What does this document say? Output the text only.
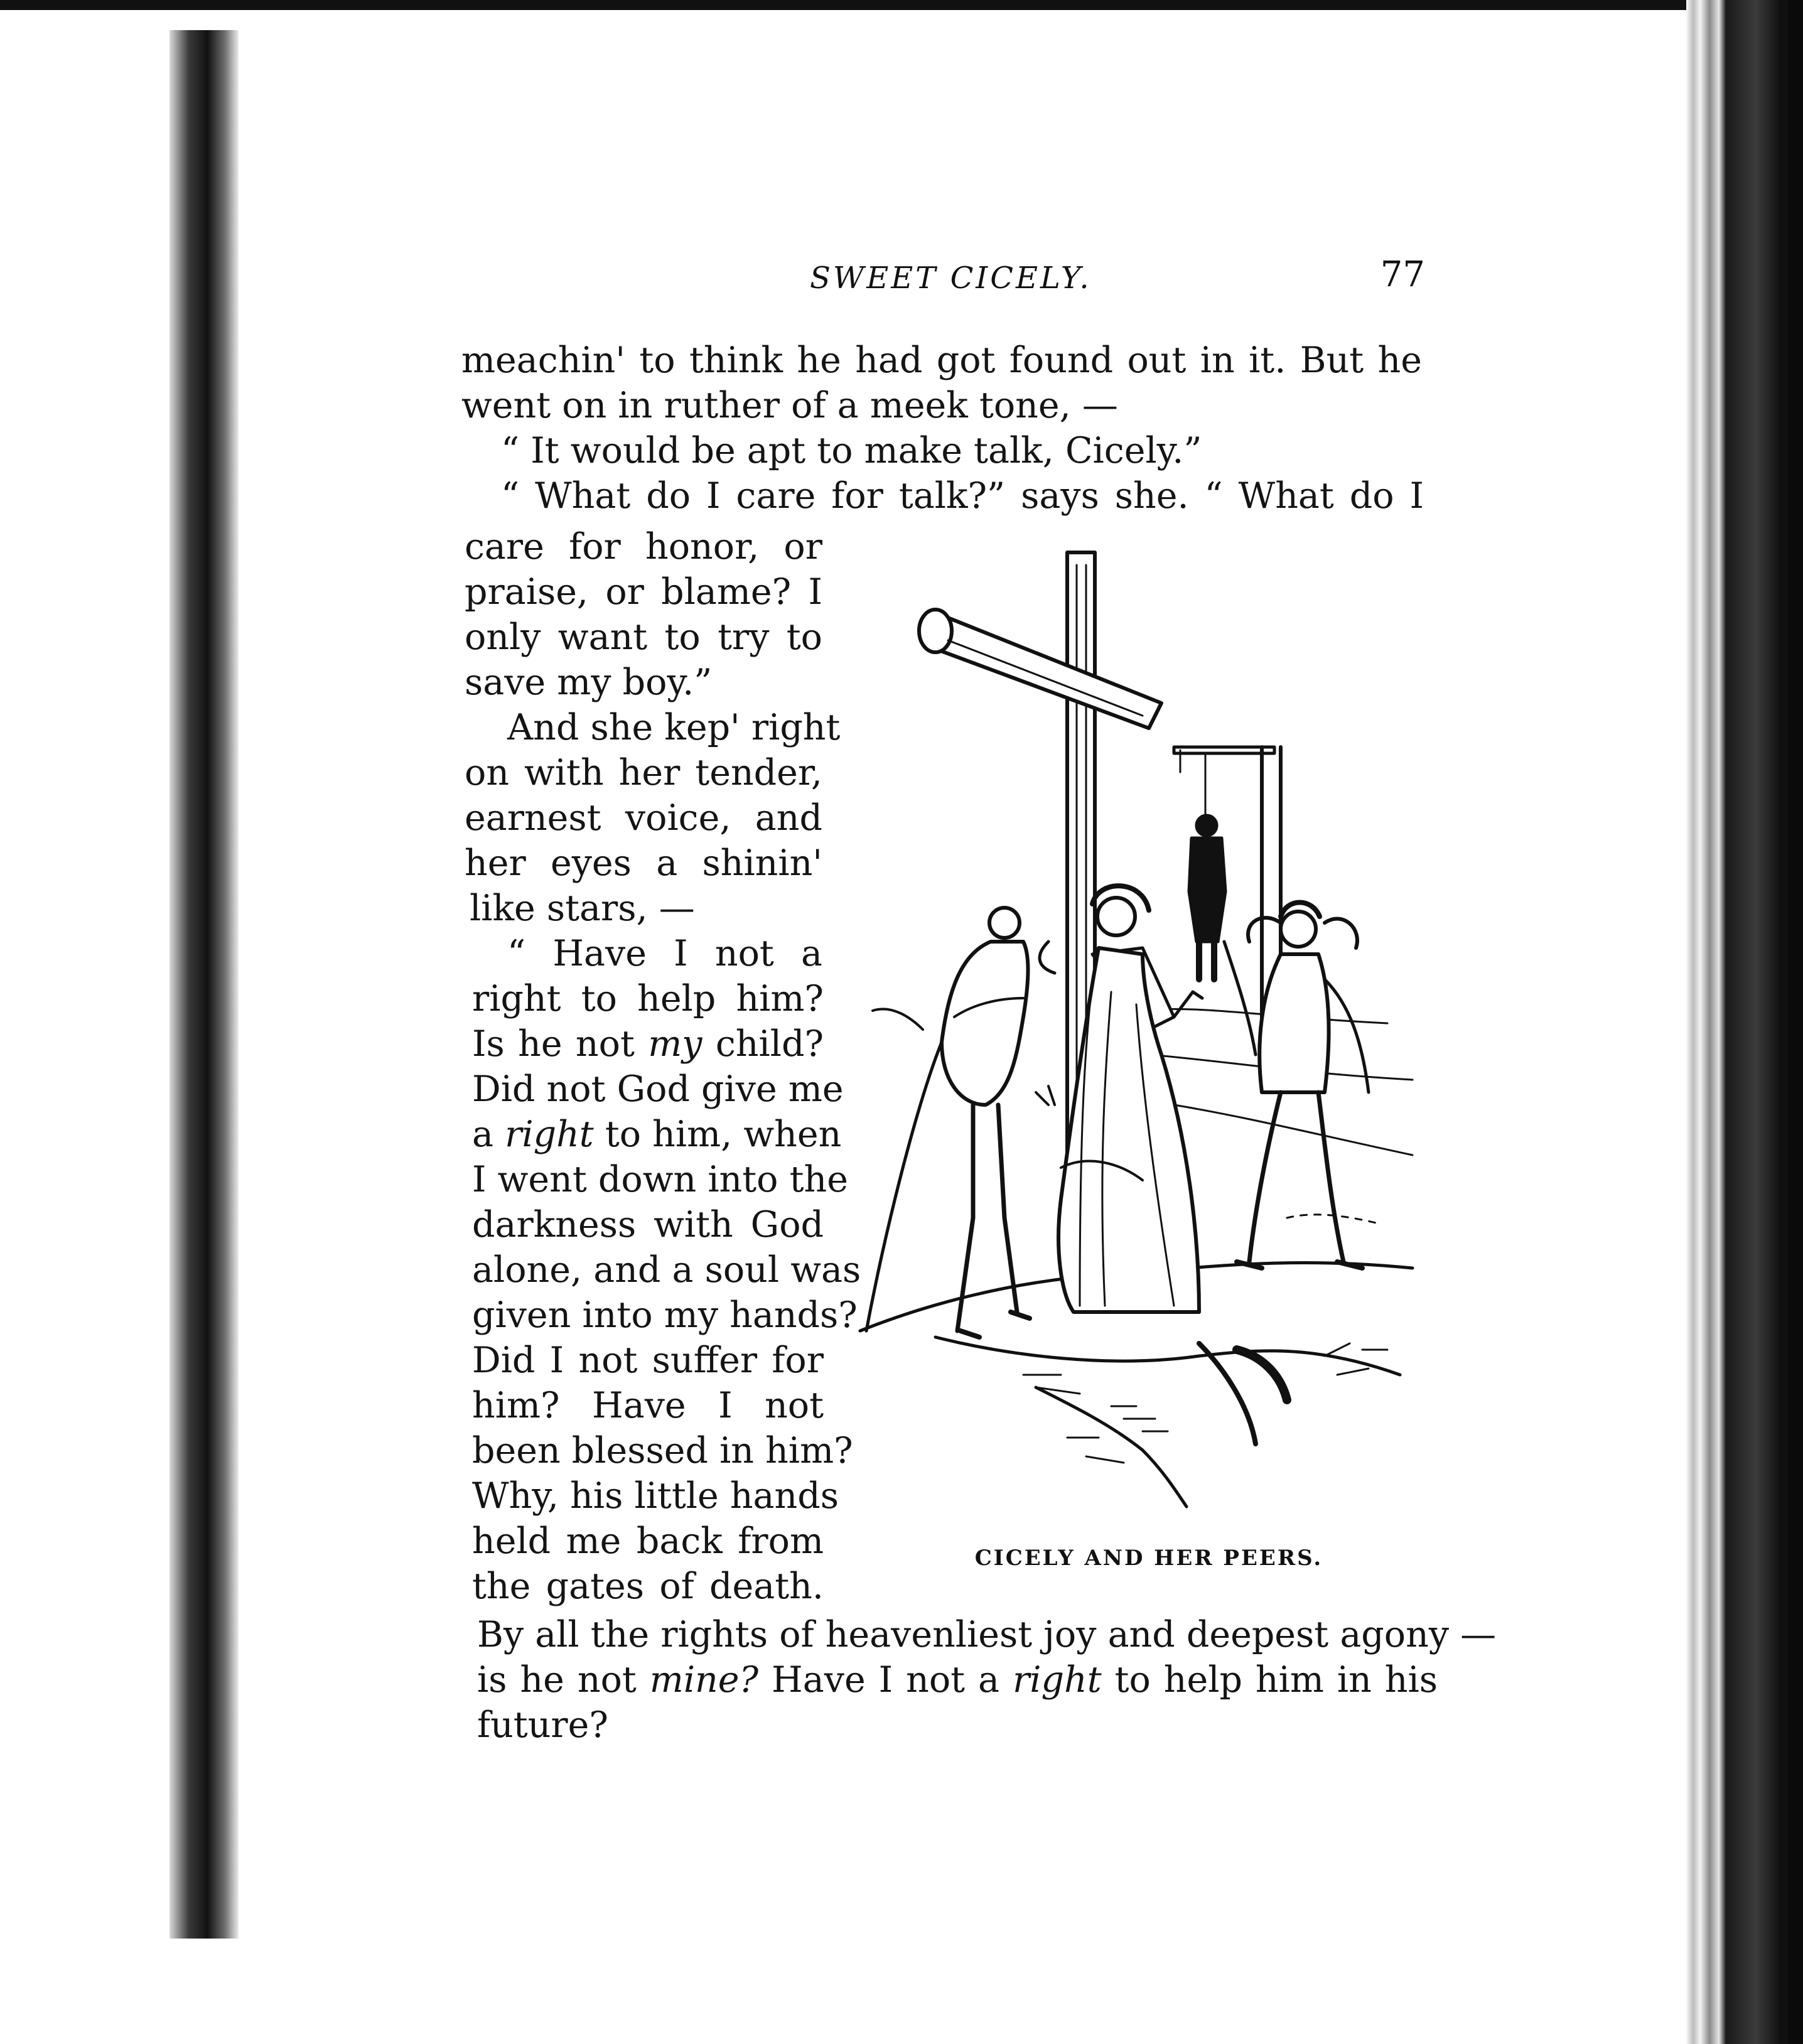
SWEET CICELY.	77
meachin' to think he had got found out in it. But he
went on in ruther of a meek tone, —
“ It would be apt to make talk, Cicely.”
“ What do I care for talk?” says she. “ What do I
care for honor, or
praise, or blame? I
only want to try to
save my boy.”
And she kep' right
on with her tender,
earnest voice, and
her eyes a shinin'
like stars, —
“ Have I not a
right to help him?
Is he not my child?
Did not God give me
a right to him, when
I went down into the
darkness with God
alone, and a soul was
given into my hands?
Did I not suffer for
him? Have I not
been blessed in him?
Why, his little hands
held me back from
the gates of death.
By all the rights of heavenliest joy and deepest agony —
is he not mine? Have I not a right to help him in his
future?
CICELY AND HER PEERS.
